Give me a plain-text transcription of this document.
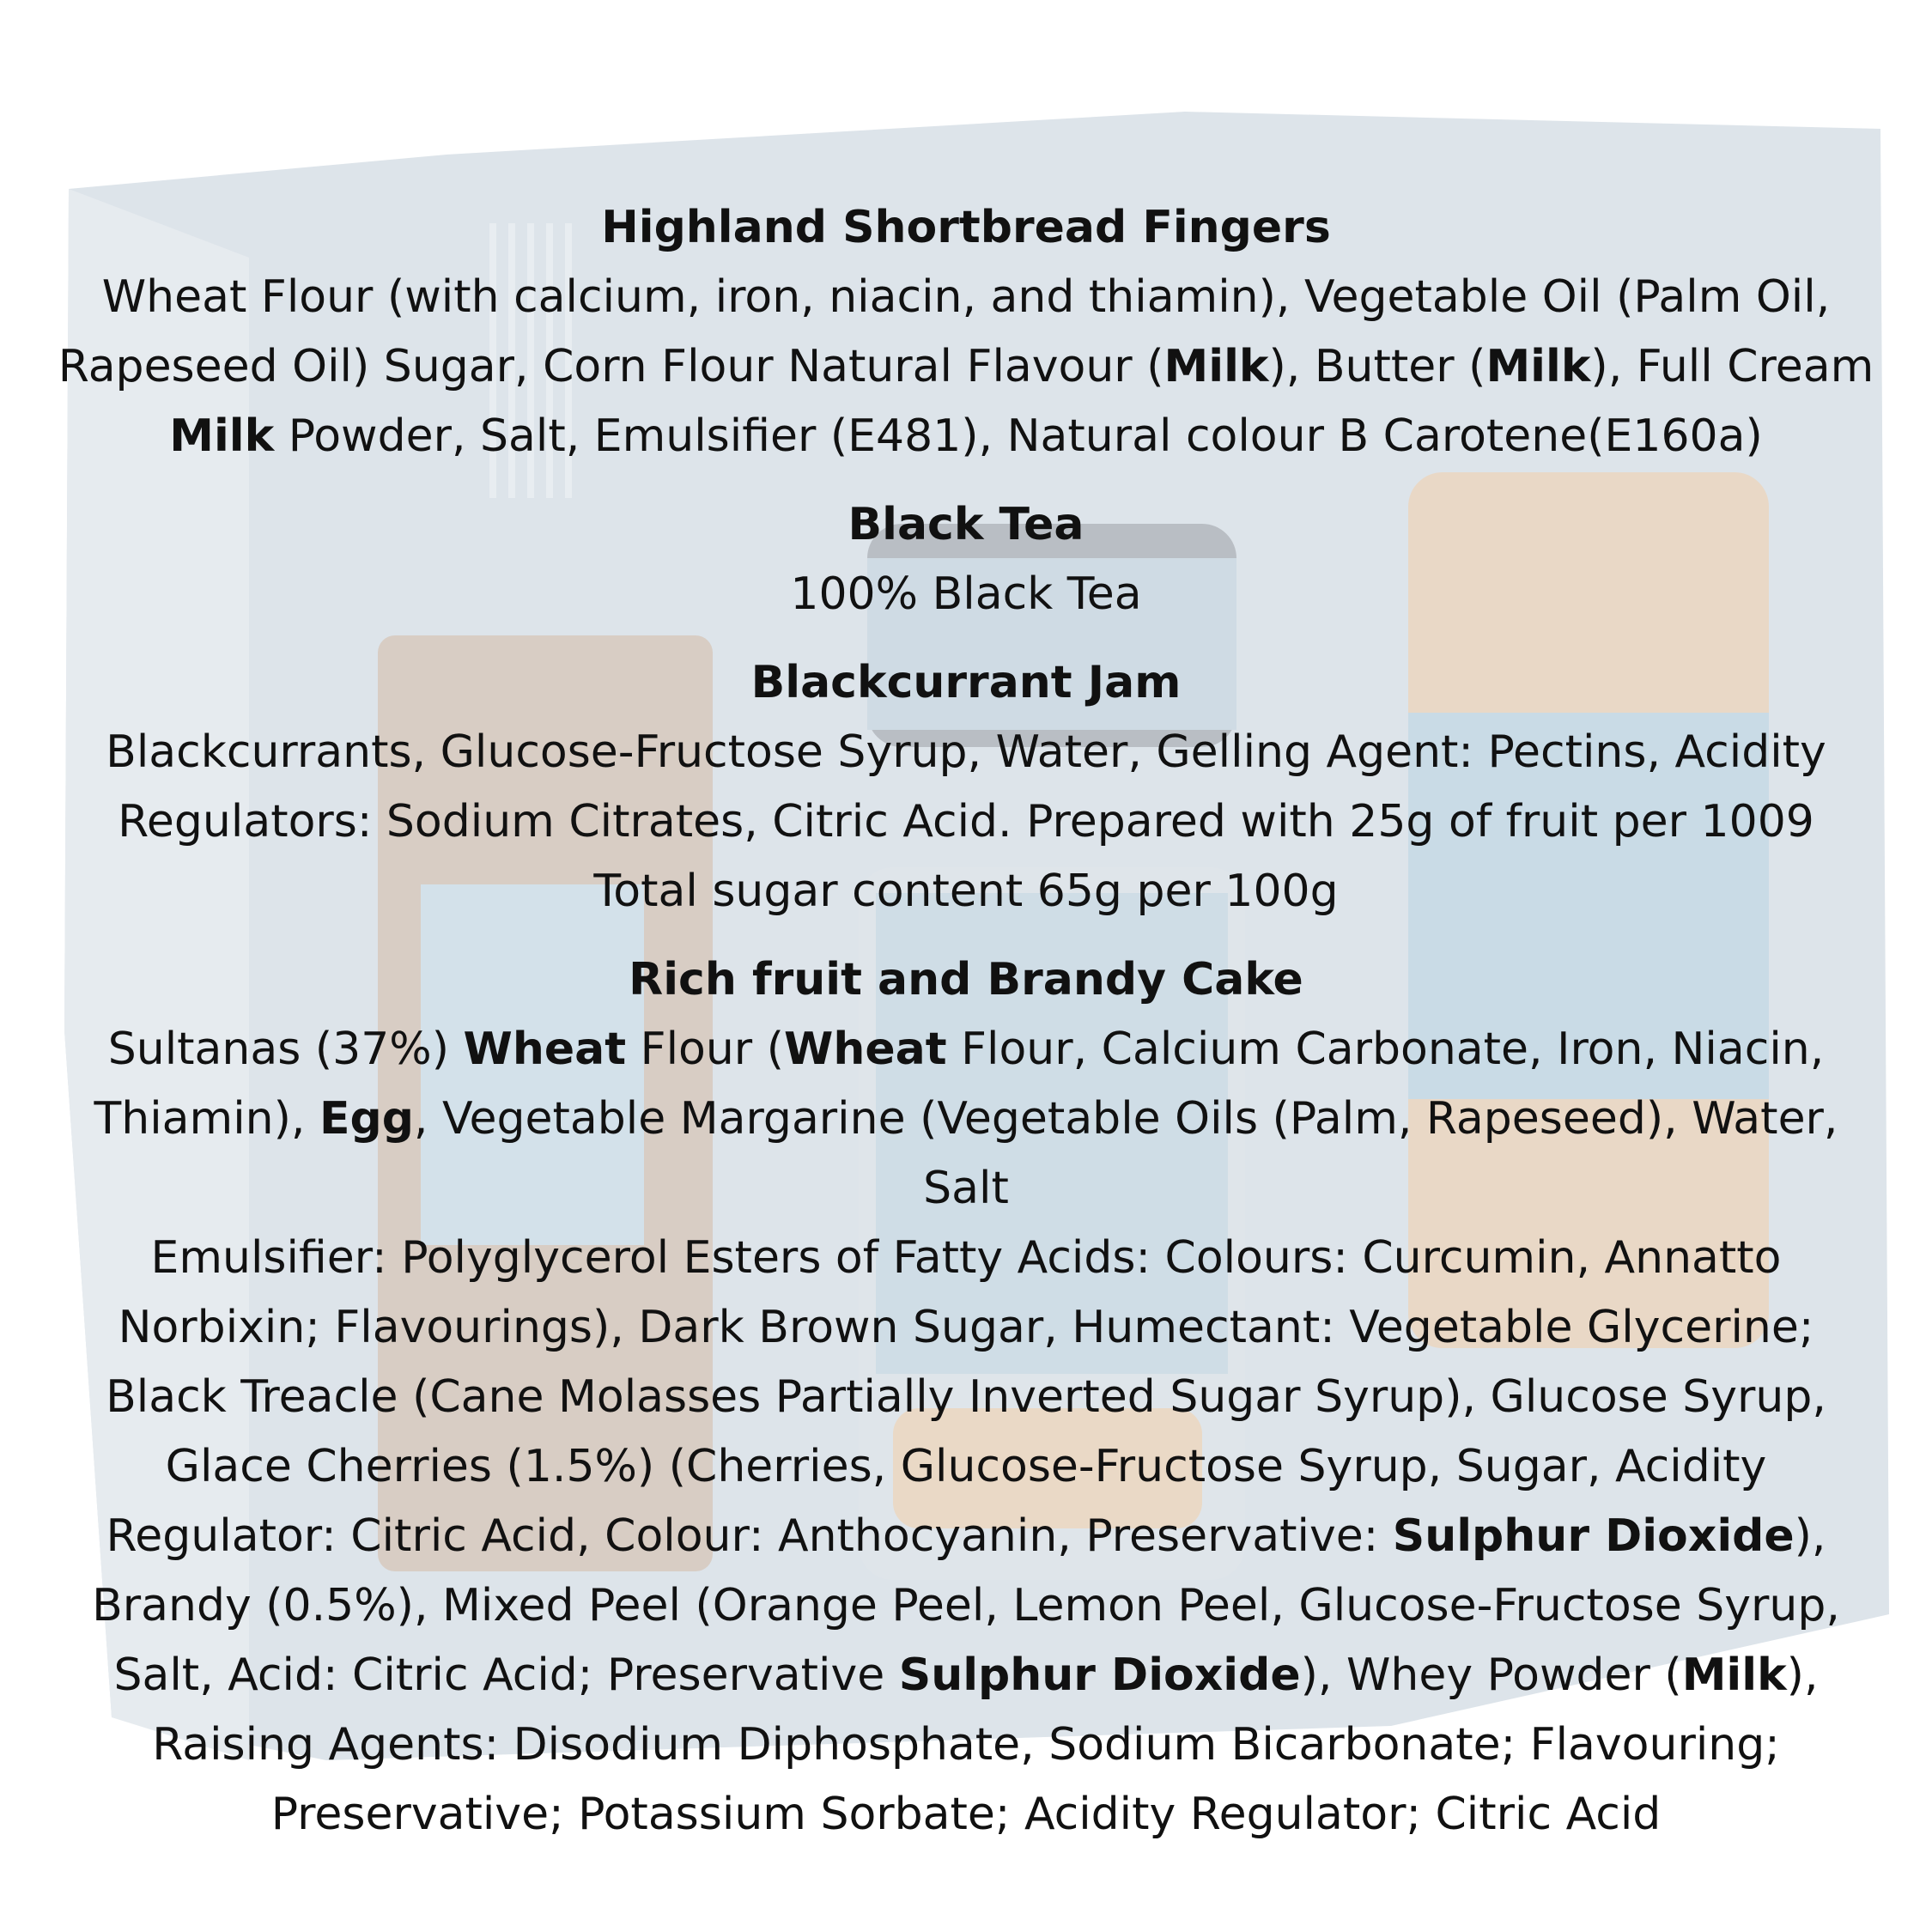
Highland Shortbread Fingers

Wheat Flour (with calcium, iron, niacin, and thiamin), Vegetable Oil (Palm Oil,
Rapeseed Oil) Sugar, Corn Flour Natural Flavour (Milk), Butter (Milk), Full Cream
Milk Powder, Salt, Emulsifier (E481), Natural colour B Carotene(E160a)

Black Tea

100% Black Tea

Blackcurrant Jam

Blackcurrants, Glucose-Fructose Syrup, Water, Gelling Agent: Pectins, Acidity
Regulators: Sodium Citrates, Citric Acid. Prepared with 25g of fruit per 1009
Total sugar content 65g per 100g

Rich fruit and Brandy Cake

Sultanas (37%) Wheat Flour (Wheat Flour, Calcium Carbonate, Iron, Niacin,
Thiamin), Egg, Vegetable Margarine (Vegetable Oils (Palm, Rapeseed), Water, Salt
Emulsifier: Polyglycerol Esters of Fatty Acids: Colours: Curcumin, Annatto
Norbixin; Flavourings), Dark Brown Sugar, Humectant: Vegetable Glycerine;
Black Treacle (Cane Molasses Partially Inverted Sugar Syrup), Glucose Syrup,
Glace Cherries (1.5%) (Cherries, Glucose-Fructose Syrup, Sugar, Acidity
Regulator: Citric Acid, Colour: Anthocyanin, Preservative: Sulphur Dioxide),
Brandy (0.5%), Mixed Peel (Orange Peel, Lemon Peel, Glucose-Fructose Syrup,
Salt, Acid: Citric Acid; Preservative Sulphur Dioxide), Whey Powder (Milk),
Raising Agents: Disodium Diphosphate, Sodium Bicarbonate; Flavouring;
Preservative; Potassium Sorbate; Acidity Regulator; Citric Acid
